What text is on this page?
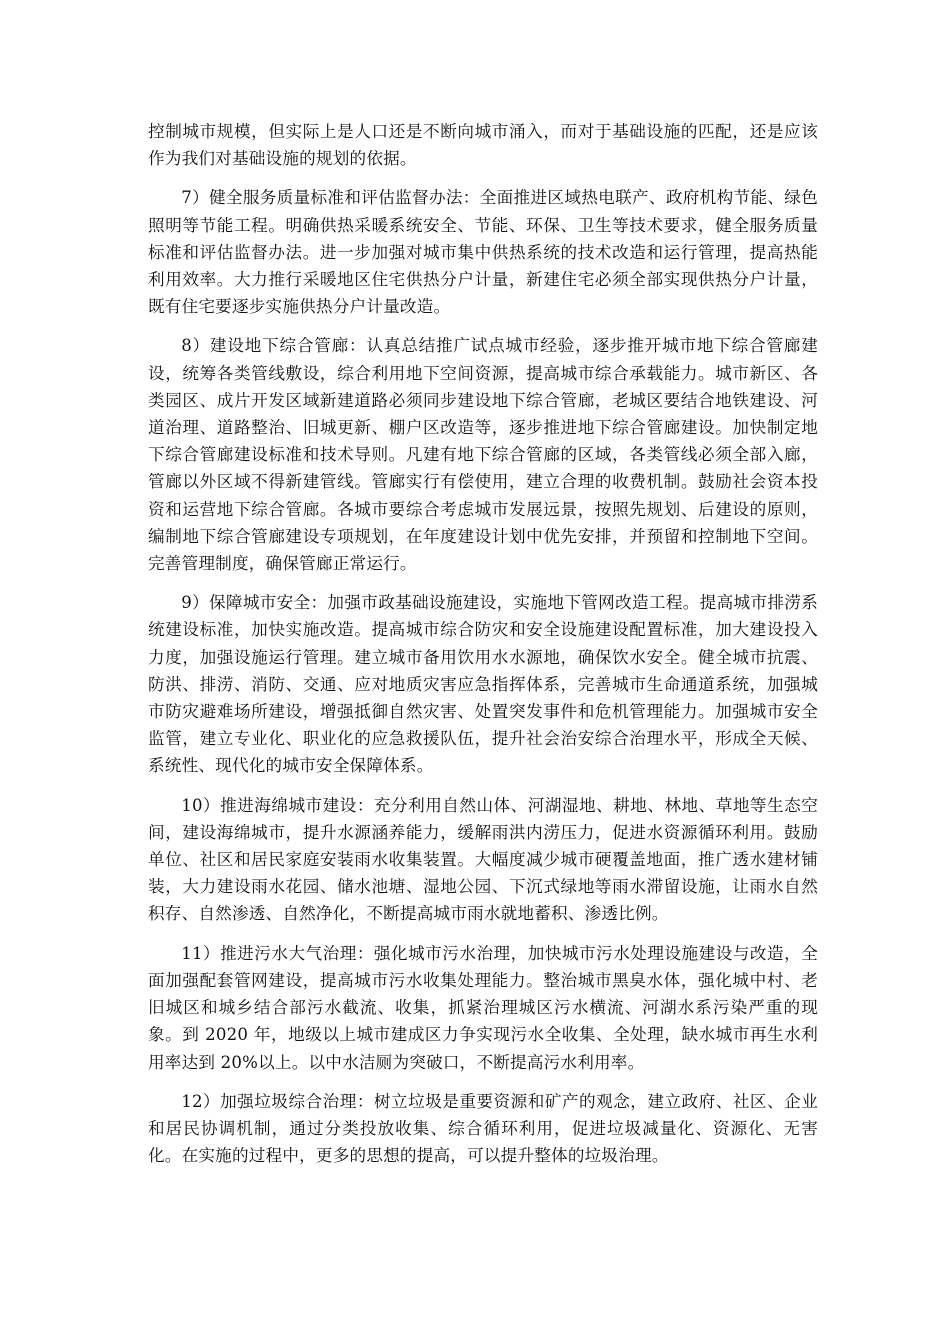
控制城市规模，但实际上是人口还是不断向城市涌入，而对于基础设施的匹配，还是应该作为我们对基础设施的规划的依据。

7）健全服务质量标准和评估监督办法：全面推进区域热电联产、政府机构节能、绿色照明等节能工程。明确供热采暖系统安全、节能、环保、卫生等技术要求，健全服务质量标准和评估监督办法。进一步加强对城市集中供热系统的技术改造和运行管理，提高热能利用效率。大力推行采暖地区住宅供热分户计量，新建住宅必须全部实现供热分户计量，既有住宅要逐步实施供热分户计量改造。

8）建设地下综合管廊：认真总结推广试点城市经验，逐步推开城市地下综合管廊建设，统筹各类管线敷设，综合利用地下空间资源，提高城市综合承载能力。城市新区、各类园区、成片开发区域新建道路必须同步建设地下综合管廊，老城区要结合地铁建设、河道治理、道路整治、旧城更新、棚户区改造等，逐步推进地下综合管廊建设。加快制定地下综合管廊建设标准和技术导则。凡建有地下综合管廊的区域，各类管线必须全部入廊，管廊以外区域不得新建管线。管廊实行有偿使用，建立合理的收费机制。鼓励社会资本投资和运营地下综合管廊。各城市要综合考虑城市发展远景，按照先规划、后建设的原则，编制地下综合管廊建设专项规划，在年度建设计划中优先安排，并预留和控制地下空间。完善管理制度，确保管廊正常运行。

9）保障城市安全：加强市政基础设施建设，实施地下管网改造工程。提高城市排涝系统建设标准，加快实施改造。提高城市综合防灾和安全设施建设配置标准，加大建设投入力度，加强设施运行管理。建立城市备用饮用水水源地，确保饮水安全。健全城市抗震、防洪、排涝、消防、交通、应对地质灾害应急指挥体系，完善城市生命通道系统，加强城市防灾避难场所建设，增强抵御自然灾害、处置突发事件和危机管理能力。加强城市安全监管，建立专业化、职业化的应急救援队伍，提升社会治安综合治理水平，形成全天候、系统性、现代化的城市安全保障体系。

10）推进海绵城市建设：充分利用自然山体、河湖湿地、耕地、林地、草地等生态空间，建设海绵城市，提升水源涵养能力，缓解雨洪内涝压力，促进水资源循环利用。鼓励单位、社区和居民家庭安装雨水收集装置。大幅度减少城市硬覆盖地面，推广透水建材铺装，大力建设雨水花园、储水池塘、湿地公园、下沉式绿地等雨水滞留设施，让雨水自然积存、自然渗透、自然净化，不断提高城市雨水就地蓄积、渗透比例。

11）推进污水大气治理：强化城市污水治理，加快城市污水处理设施建设与改造，全面加强配套管网建设，提高城市污水收集处理能力。整治城市黑臭水体，强化城中村、老旧城区和城乡结合部污水截流、收集，抓紧治理城区污水横流、河湖水系污染严重的现象。到 2020 年，地级以上城市建成区力争实现污水全收集、全处理，缺水城市再生水利用率达到 20%以上。以中水洁厕为突破口，不断提高污水利用率。

12）加强垃圾综合治理：树立垃圾是重要资源和矿产的观念，建立政府、社区、企业和居民协调机制，通过分类投放收集、综合循环利用，促进垃圾减量化、资源化、无害化。在实施的过程中，更多的思想的提高，可以提升整体的垃圾治理。
